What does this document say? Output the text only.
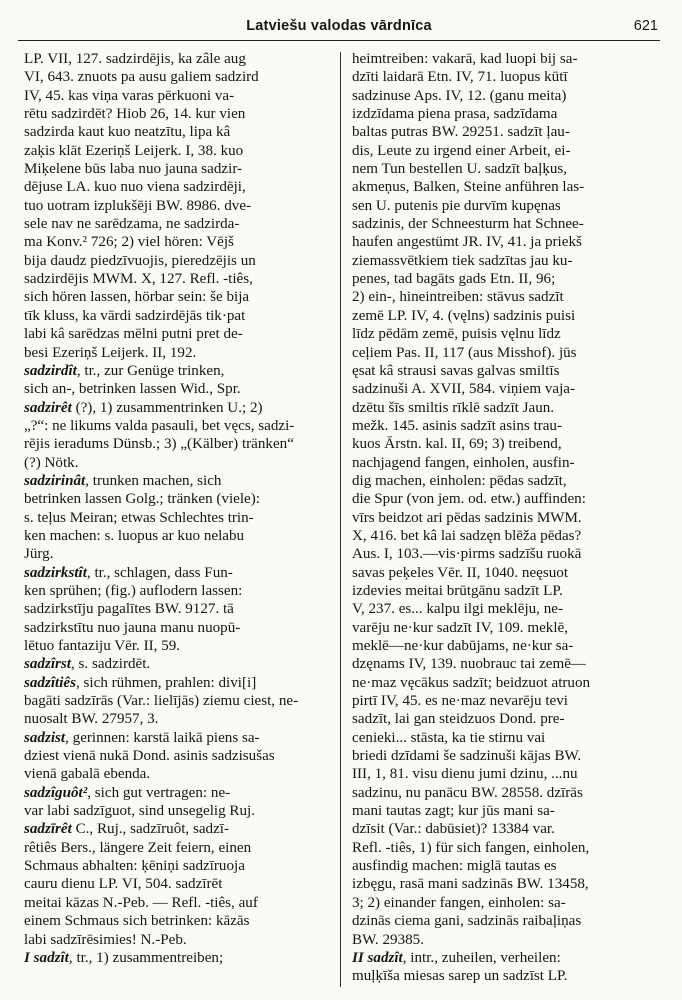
Latviešu valodas vārdnīca	621
LP. VII, 127. sadzirdējis, ka zâle aug
VI, 643. znuots pa ausu galiem sadzird
IV, 45. kas viņa varas pērkuoni va-
rētu sadzirdēt? Hiob 26, 14. kur vien
sadzirda kaut kuo neatzītu, lipa kâ
zaķis klāt Ezeriņš Leijerk. I, 38. kuo
Miķelene būs laba nuo jauna sadzir-
dējuse LA. kuo nuo viena sadzirdēji,
tuo uotram izplukšēji BW. 8986. dve-
sele nav ne sarēdzama, ne sadzirda-
ma Konv.² 726; 2) viel hören: Vējš
bija daudz piedzīvuojis, pieredzējis un
sadzirdējis MWM. X, 127. Refl. -tiês,
sich hören lassen, hörbar sein: še bija
tīk kluss, ka vārdi sadzirdējās tik·pat
labi kâ sarēdzas mēlni putni pret de-
besi Ezeriņš Leijerk. II, 192.
sadzirdît, tr., zur Genüge trinken,
sich an-, betrinken lassen Wid., Spr.
sadzirêt (?), 1) zusammentrinken U.; 2)
„?“: ne likums valda pasauli, bet vęcs, sadzi-
rējis ieradums Dünsb.; 3) „(Kälber) tränken“
(?) Nötk.
sadzirinât, trunken machen, sich
betrinken lassen Golg.; tränken (viele):
s. teļus Meiran; etwas Schlechtes trin-
ken machen: s. luopus ar kuo nelabu
Jürg.
sadzirkstît, tr., schlagen, dass Fun-
ken sprühen; (fig.) auflodern lassen:
sadzirkstīju pagalītes BW. 9127. tā
sadzirkstītu nuo jauna manu nuopū-
lētuo fantaziju Vēr. II, 59.
sadzîrst, s. sadzirdēt.
sadzîtiês, sich rühmen, prahlen: divi[i]
bagāti sadzīrās (Var.: lielījās) ziemu ciest, ne-
nuosalt BW. 27957, 3.
sadzist, gerinnen: karstā laikā piens sa-
dziest vienā nukā Dond. asinis sadzisušas
vienā gabalā ebenda.
sadzîguôt², sich gut vertragen: ne-
var labi sadzīguot, sind unsegelig Ruj.
sadzīrêt C., Ruj., sadzīruôt, sadzī-
rêtiês Bers., längere Zeit feiern, einen
Schmaus abhalten: ķēniņi sadzīruoja
cauru dienu LP. VI, 504. sadzīrēt
meitai kāzas N.-Peb. — Refl. -tiês, auf
einem Schmaus sich betrinken: kāzās
labi sadzīrēsimies! N.-Peb.
I sadzît, tr., 1) zusammentreiben;
heimtreiben: vakarā, kad luopi bij sa-
dzīti laidarā Etn. IV, 71. luopus kūtī
sadzinuse Aps. IV, 12. (ganu meita)
izdzīdama piena prasa, sadzīdama
baltas putras BW. 29251. sadzīt ļau-
dis, Leute zu irgend einer Arbeit, ei-
nem Tun bestellen U. sadzīt baļķus,
akmeņus, Balken, Steine anführen las-
sen U. putenis pie durvīm kupęnas
sadzinis, der Schneesturm hat Schnee-
haufen angestümt JR. IV, 41. ja priekš
ziemassvētkiem tiek sadzītas jau ku-
penes, tad bagāts gads Etn. II, 96;
2) ein-, hineintreiben: stāvus sadzīt
zemē LP. IV, 4. (vęlns) sadzinis puisi
līdz pēdām zemē, puisis vęlnu līdz
ceļiem Pas. II, 117 (aus Misshof). jūs
ęsat kâ strausi savas galvas smiltīs
sadzinuši A. XVII, 584. viņiem vaja-
dzētu šīs smiltis rīklē sadzīt Jaun.
mežk. 145. asinis sadzīt asins trau-
kuos Ārstn. kal. II, 69; 3) treibend,
nachjagend fangen, einholen, ausfin-
dig machen, einholen: pēdas sadzīt,
die Spur (von jem. od. etw.) auffinden:
vīrs beidzot ari pēdas sadzinis MWM.
X, 416. bet kâ lai sadzęn blēža pēdas?
Aus. I, 103.—vis·pirms sadzīšu ruokā
savas peķeles Vēr. II, 1040. neęsuot
izdevies meitai brūtgānu sadzīt LP.
V, 237. es... kalpu ilgi meklēju, ne-
varēju ne·kur sadzīt IV, 109. meklē,
meklē—ne·kur dabūjams, ne·kur sa-
dzęnams IV, 139. nuobrauc tai zemē—
ne·maz vęcākus sadzīt; beidzuot atruon
pirtī IV, 45. es ne·maz nevarēju tevi
sadzīt, lai gan steidzuos Dond. pre-
cenieki... stāsta, ka tie stirnu vai
briedi dzīdami še sadzinuši kājas BW.
III, 1, 81. visu dienu jumi dzinu, ...nu
sadzinu, nu panācu BW. 28558. dzīrās
mani tautas zagt; kur jūs mani sa-
dzīsit (Var.: dabūsiet)? 13384 var.
Refl. -tiês, 1) für sich fangen, einholen,
ausfindig machen: miglā tautas es
izbęgu, rasā mani sadzinās BW. 13458,
3; 2) einander fangen, einholen: sa-
dzinās ciema gani, sadzinās raibaļiņas
BW. 29385.
II sadzît, intr., zuheilen, verheilen:
muļķīša miesas sarep un sadzīst LP.
